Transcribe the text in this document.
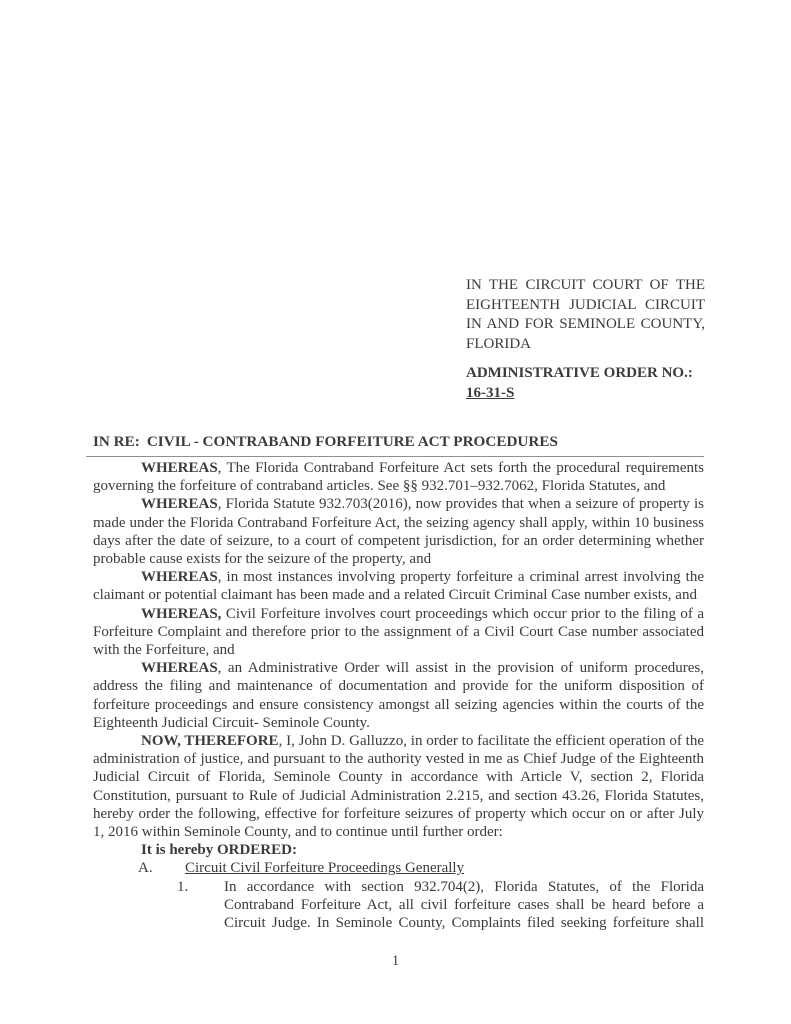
IN THE CIRCUIT COURT OF THE
EIGHTEENTH JUDICIAL CIRCUIT
IN AND FOR SEMINOLE COUNTY,
FLORIDA
ADMINISTRATIVE ORDER NO.:
16-31-S
IN RE: CIVIL - CONTRABAND FORFEITURE ACT PROCEDURES

WHEREAS, The Florida Contraband Forfeiture Act sets forth the procedural requirements governing the forfeiture of contraband articles. See §§ 932.701–932.7062, Florida Statutes, and

WHEREAS, Florida Statute 932.703(2016), now provides that when a seizure of property is made under the Florida Contraband Forfeiture Act, the seizing agency shall apply, within 10 business days after the date of seizure, to a court of competent jurisdiction, for an order determining whether probable cause exists for the seizure of the property, and

WHEREAS, in most instances involving property forfeiture a criminal arrest involving the claimant or potential claimant has been made and a related Circuit Criminal Case number exists, and

WHEREAS, Civil Forfeiture involves court proceedings which occur prior to the filing of a Forfeiture Complaint and therefore prior to the assignment of a Civil Court Case number associated with the Forfeiture, and

WHEREAS, an Administrative Order will assist in the provision of uniform procedures, address the filing and maintenance of documentation and provide for the uniform disposition of forfeiture proceedings and ensure consistency amongst all seizing agencies within the courts of the Eighteenth Judicial Circuit- Seminole County.

NOW, THEREFORE, I, John D. Galluzzo, in order to facilitate the efficient operation of the administration of justice, and pursuant to the authority vested in me as Chief Judge of the Eighteenth Judicial Circuit of Florida, Seminole County in accordance with Article V, section 2, Florida Constitution, pursuant to Rule of Judicial Administration 2.215, and section 43.26, Florida Statutes, hereby order the following, effective for forfeiture seizures of property which occur on or after July 1, 2016 within Seminole County, and to continue until further order:

It is hereby ORDERED:

A.	Circuit Civil Forfeiture Proceedings Generally
1.	In accordance with section 932.704(2), Florida Statutes, of the Florida Contraband Forfeiture Act, all civil forfeiture cases shall be heard before a Circuit Judge. In Seminole County, Complaints filed seeking forfeiture shall
1
